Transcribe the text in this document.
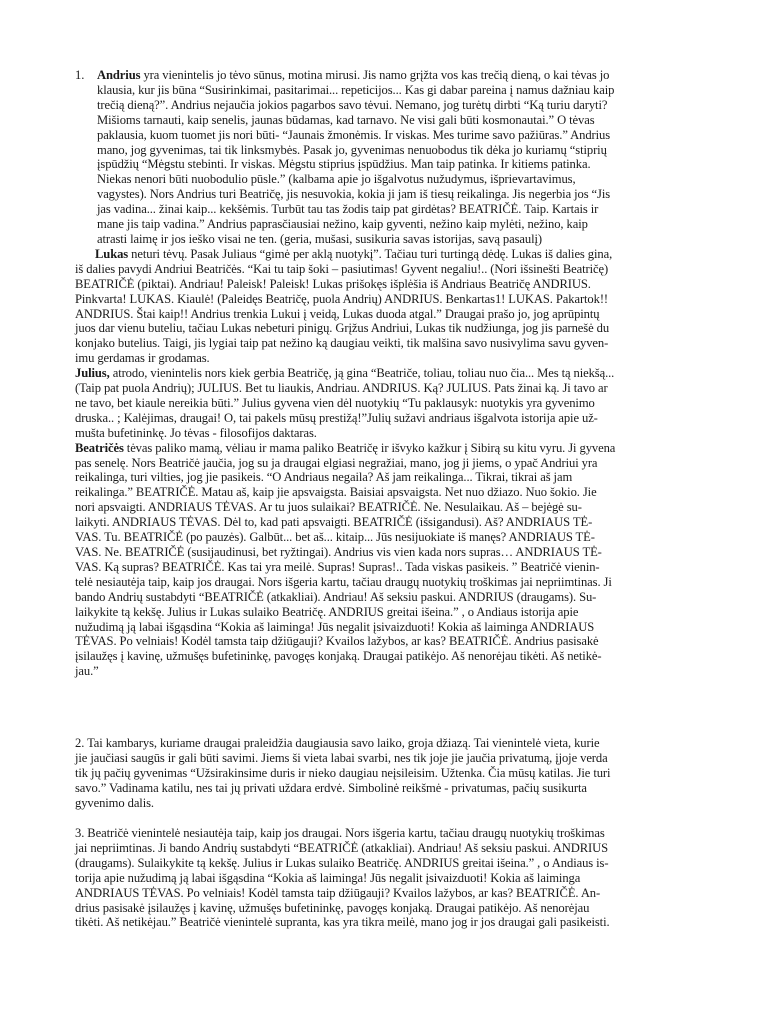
1. Andrius yra vienintelis jo tėvo sūnus, motina mirusi. Jis namo grįžta vos kas trečią dieną, o kai tėvas jo
klausia, kur jis būna “Susirinkimai, pasitarimai... repeticijos... Kas gi dabar pareina į namus dažniau kaip
trečią dieną?”. Andrius nejaučia jokios pagarbos savo tėvui. Nemano, jog turėtų dirbti “Ką turiu daryti?
Mišioms tarnauti, kaip senelis, jaunas būdamas, kad tarnavo. Ne visi gali būti kosmonautai.” O tėvas
paklausia, kuom tuomet jis nori būti- “Jaunais žmonėmis. Ir viskas. Mes turime savo pažiūras.” Andrius
mano, jog gyvenimas, tai tik linksmybės. Pasak jo, gyvenimas nenuobodus tik dėka jo kuriamų “stiprių
įspūdžių “Mėgstu stebinti. Ir viskas. Mėgstu stiprius įspūdžius. Man taip patinka. Ir kitiems patinka.
Niekas nenori būti nuobodulio pūsle.” (kalbama apie jo išgalvotus nužudymus, išprievartavimus,
vagystes). Nors Andrius turi Beatričę, jis nesuvokia, kokia ji jam iš tiesų reikalinga. Jis negerbia jos “Jis
jas vadina... žinai kaip... kekšėmis. Turbūt tau tas žodis taip pat girdėtas? BEATRIČĖ. Taip. Kartais ir
mane jis taip vadina.” Andrius paprasčiausiai nežino, kaip gyventi, nežino kaip mylėti, nežino, kaip
atrasti laimę ir jos ieško visai ne ten. (geria, mušasi, susikuria savas istorijas, savą pasaulį)
Lukas neturi tėvų. Pasak Juliaus “gimė per aklą nuotykį”. Tačiau turi turtingą dėdę. Lukas iš dalies gina,
iš dalies pavydi Andriui Beatričės. “Kai tu taip šoki – pasiutimas! Gyvent negaliu!.. (Nori išsinešti Beatričę)
BEATRIČĖ (piktai). Andriau! Paleisk! Paleisk! Lukas prišokęs išplėšia iš Andriaus Beatričę ANDRIUS.
Pinkvarta! LUKAS. Kiaulė! (Paleidęs Beatričę, puola Andrių) ANDRIUS. Benkartas1! LUKAS. Pakartok!!
ANDRIUS. Štai kaip!! Andrius trenkia Lukui į veidą, Lukas duoda atgal.” Draugai prašo jo, jog aprūpintų
juos dar vienu buteliu, tačiau Lukas nebeturi pinigų. Grįžus Andriui, Lukas tik nudžiunga, jog jis parnešė du
konjako butelius. Taigi, jis lygiai taip pat nežino ką daugiau veikti, tik malšina savo nusivylima savu gyven-
imu gerdamas ir grodamas.
Julius, atrodo, vienintelis nors kiek gerbia Beatričę, ją gina “Beatriče, toliau, toliau nuo čia... Mes tą niekšą...
(Taip pat puola Andrių); JULIUS. Bet tu liaukis, Andriau. ANDRIUS. Ką? JULIUS. Pats žinai ką. Ji tavo ar
ne tavo, bet kiaule nereikia būti.” Julius gyvena vien dėl nuotykių “Tu paklausyk: nuotykis yra gyvenimo
druska.. ; Kalėjimas, draugai! O, tai pakels mūsų prestižą!”Julių sužavi andriaus išgalvota istorija apie už-
mušta bufetininkę. Jo tėvas - filosofijos daktaras.
Beatričės tėvas paliko mamą, vėliau ir mama paliko Beatričę ir išvyko kažkur į Sibirą su kitu vyru. Ji gyvena
pas senelę. Nors Beatričė jaučia, jog su ja draugai elgiasi negražiai, mano, jog ji jiems, o ypač Andriui yra
reikalinga, turi vilties, jog jie pasikeis. “O Andriaus negaila? Aš jam reikalinga... Tikrai, tikrai aš jam
reikalinga.” BEATRIČĖ. Matau aš, kaip jie apsvaigsta. Baisiai apsvaigsta. Net nuo džiazo. Nuo šokio. Jie
nori apsvaigti. ANDRIAUS TĖVAS. Ar tu juos sulaikai? BEATRIČĖ. Ne. Nesulaikau. Aš – bejėgė su-
laikyti. ANDRIAUS TĖVAS. Dėl to, kad pati apsvaigti. BEATRIČĖ (išsigandusi). Aš? ANDRIAUS TĖ-
VAS. Tu. BEATRIČĖ (po pauzės). Galbūt... bet aš... kitaip... Jūs nesijuokiate iš manęs? ANDRIAUS TĖ-
VAS. Ne. BEATRIČĖ (susijaudinusi, bet ryžtingai). Andrius vis vien kada nors supras… ANDRIAUS TĖ-
VAS. Ką supras? BEATRIČĖ. Kas tai yra meilė. Supras! Supras!.. Tada viskas pasikeis. ” Beatričė vienin-
telė nesiautėja taip, kaip jos draugai. Nors išgeria kartu, tačiau draugų nuotykių troškimas jai nepriimtinas. Ji
bando Andrių sustabdyti “BEATRIČĖ (atkakliai). Andriau! Aš seksiu paskui. ANDRIUS (draugams). Su-
laikykite tą kekšę. Julius ir Lukas sulaiko Beatričę. ANDRIUS greitai išeina.” , o Andiaus istorija apie
nužudimą ją labai išgąsdina “Kokia aš laiminga! Jūs negalit įsivaizduoti! Kokia aš laiminga ANDRIAUS
TĖVAS. Po velniais! Kodėl tamsta taip džiūgauji? Kvailos lažybos, ar kas? BEATRIČĖ. Andrius pasisakė
įsilaužęs į kavinę, užmušęs bufetininkę, pavogęs konjaką. Draugai patikėjo. Aš nenorėjau tikėti. Aš netikė-
jau.”
2. Tai kambarys, kuriame draugai praleidžia daugiausia savo laiko, groja džiazą. Tai vienintelė vieta, kurie
jie jaučiasi saugūs ir gali būti savimi. Jiems ši vieta labai svarbi, nes tik joje jie jaučia privatumą, įjoje verda
tik jų pačių gyvenimas “Užsirakinsime duris ir nieko daugiau neįsileisim. Užtenka. Čia mūsų katilas. Jie turi
savo.” Vadinama katilu, nes tai jų privati uždara erdvė. Simbolinė reikšmė - privatumas, pačių susikurta
gyvenimo dalis.
3. Beatričė vienintelė nesiautėja taip, kaip jos draugai. Nors išgeria kartu, tačiau draugų nuotykių troškimas
jai nepriimtinas. Ji bando Andrių sustabdyti “BEATRIČĖ (atkakliai). Andriau! Aš seksiu paskui. ANDRIUS
(draugams). Sulaikykite tą kekšę. Julius ir Lukas sulaiko Beatričę. ANDRIUS greitai išeina.” , o Andiaus is-
torija apie nužudimą ją labai išgąsdina “Kokia aš laiminga! Jūs negalit įsivaizduoti! Kokia aš laiminga
ANDRIAUS TĖVAS. Po velniais! Kodėl tamsta taip džiūgauji? Kvailos lažybos, ar kas? BEATRIČĖ. An-
drius pasisakė įsilaužęs į kavinę, užmušęs bufetininkę, pavogęs konjaką. Draugai patikėjo. Aš nenorėjau
tikėti. Aš netikėjau.” Beatričė vienintelė supranta, kas yra tikra meilė, mano jog ir jos draugai gali pasikeisti.
